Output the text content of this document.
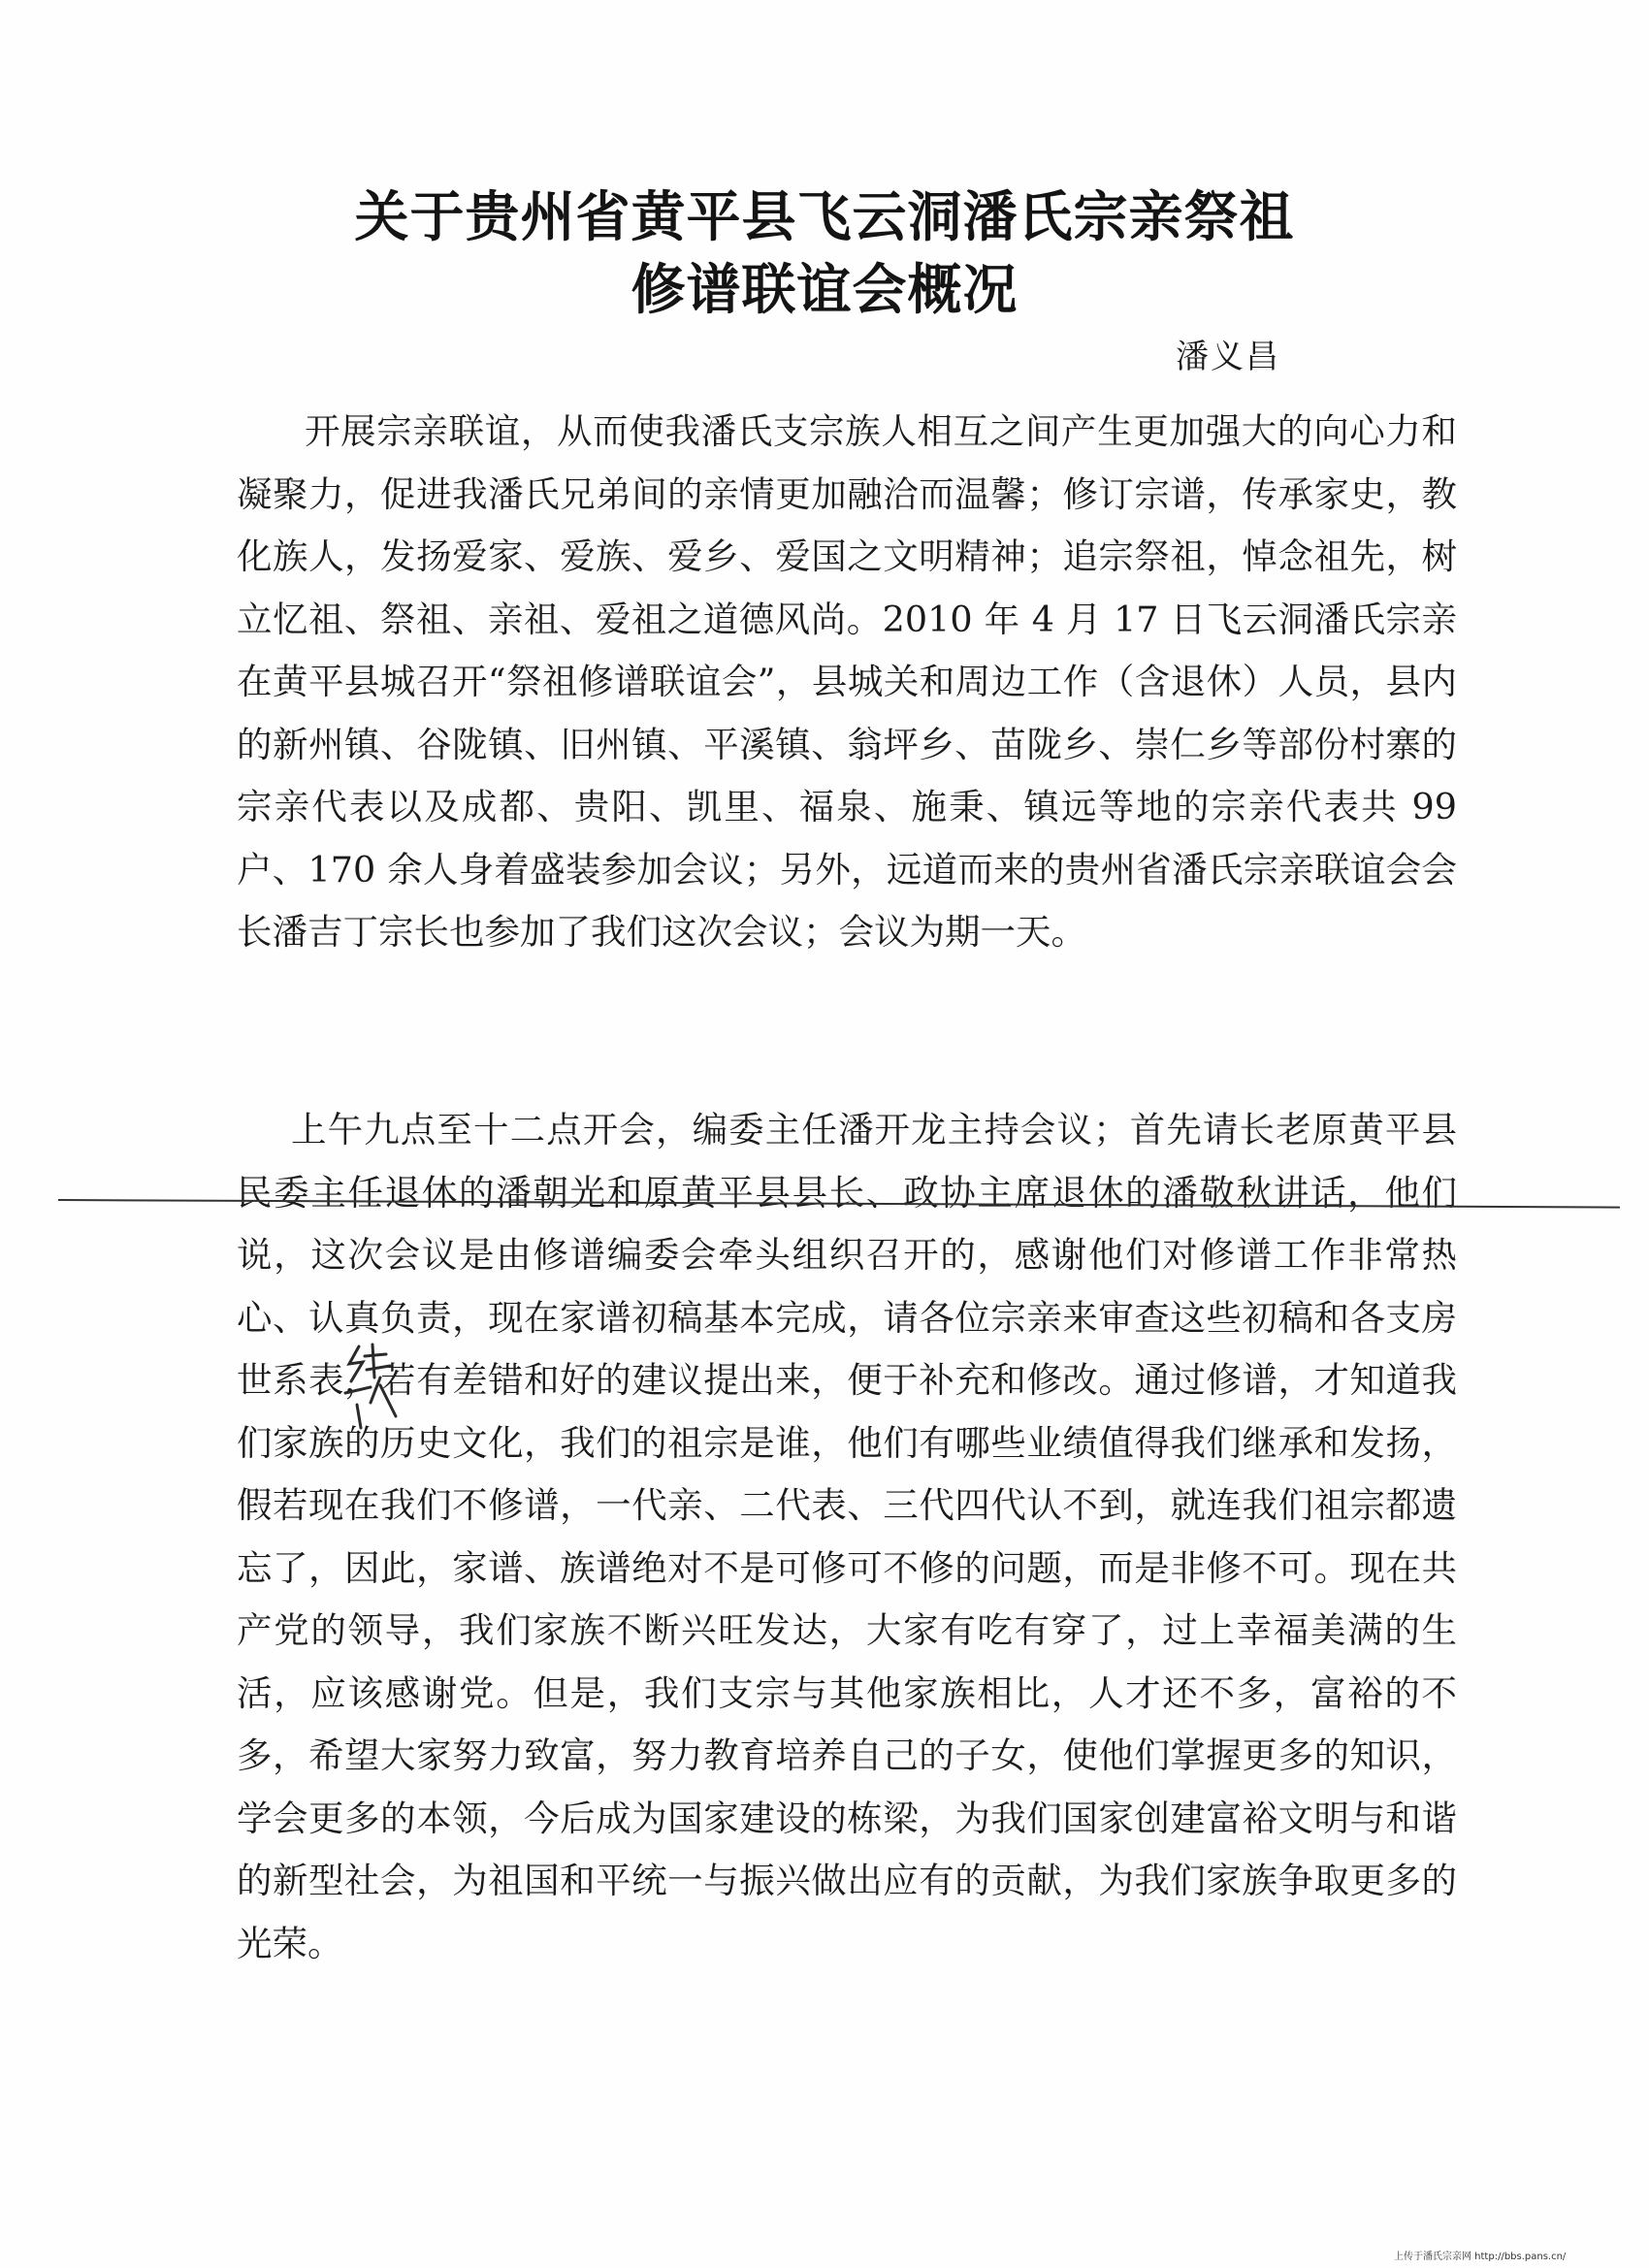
关于贵州省黄平县飞云洞潘氏宗亲祭祖
修谱联谊会概况
潘义昌

开展宗亲联谊，从而使我潘氏支宗族人相互之间产生更加强大的向心力和凝聚力，促进我潘氏兄弟间的亲情更加融洽而温馨；修订宗谱，传承家史，教化族人，发扬爱家、爱族、爱乡、爱国之文明精神；追宗祭祖，悼念祖先，树立忆祖、祭祖、亲祖、爱祖之道德风尚。2010 年 4 月 17 日飞云洞潘氏宗亲在黄平县城召开“祭祖修谱联谊会”，县城关和周边工作（含退休）人员，县内的新州镇、谷陇镇、旧州镇、平溪镇、翁坪乡、苗陇乡、崇仁乡等部份村寨的宗亲代表以及成都、贵阳、凯里、福泉、施秉、镇远等地的宗亲代表共 99 户、170 余人身着盛装参加会议；另外，远道而来的贵州省潘氏宗亲联谊会会长潘吉丁宗长也参加了我们这次会议；会议为期一天。

上午九点至十二点开会，编委主任潘开龙主持会议；首先请长老原黄平县民委主任退休的潘朝光和原黄平县县长、政协主席退休的潘敬秋讲话，他们说，这次会议是由修谱编委会牵头组织召开的，感谢他们对修谱工作非常热心、认真负责，现在家谱初稿基本完成，请各位宗亲来审查这些初稿和各支房世系表，若有差错和好的建议提出来，便于补充和修改。通过修谱，才知道我们家族的历史文化，我们的祖宗是谁，他们有哪些业绩值得我们继承和发扬，假若现在我们不修谱，一代亲、二代表、三代四代认不到，就连我们祖宗都遗忘了，因此，家谱、族谱绝对不是可修可不修的问题，而是非修不可。现在共产党的领导，我们家族不断兴旺发达，大家有吃有穿了，过上幸福美满的生活，应该感谢党。但是，我们支宗与其他家族相比，人才还不多，富裕的不多，希望大家努力致富，努力教育培养自己的子女，使他们掌握更多的知识，学会更多的本领，今后成为国家建设的栋梁，为我们国家创建富裕文明与和谐的新型社会，为祖国和平统一与振兴做出应有的贡献，为我们家族争取更多的光荣。

上传于潘氏宗亲网 http://bbs.pans.cn/
